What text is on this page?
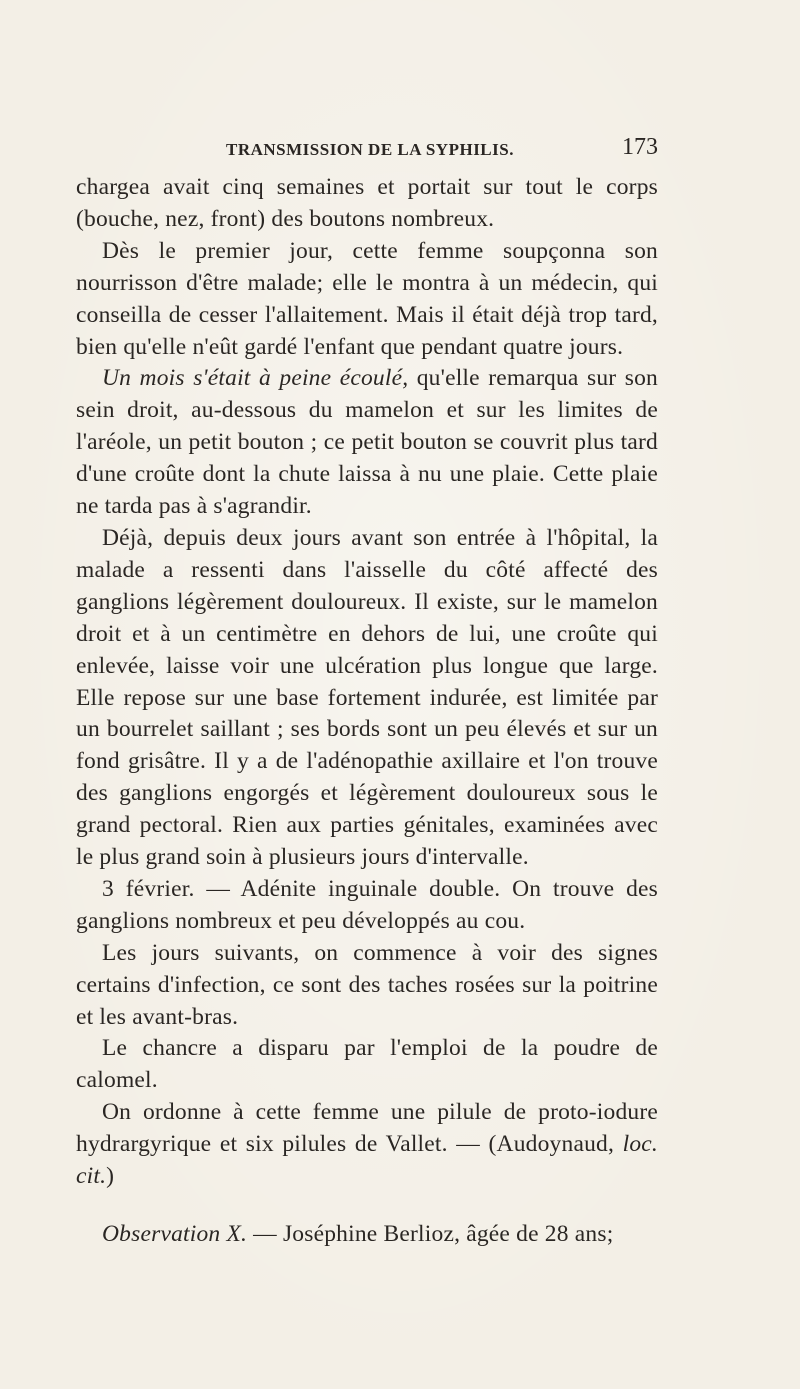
TRANSMISSION DE LA SYPHILIS.	173

chargea avait cinq semaines et portait sur tout le corps (bouche, nez, front) des boutons nombreux.

Dès le premier jour, cette femme soupçonna son nourrisson d'être malade; elle le montra à un médecin, qui conseilla de cesser l'allaitement. Mais il était déjà trop tard, bien qu'elle n'eût gardé l'enfant que pendant quatre jours.

Un mois s'était à peine écoulé, qu'elle remarqua sur son sein droit, au-dessous du mamelon et sur les limites de l'aréole, un petit bouton ; ce petit bouton se couvrit plus tard d'une croûte dont la chute laissa à nu une plaie. Cette plaie ne tarda pas à s'agrandir.

Déjà, depuis deux jours avant son entrée à l'hôpital, la malade a ressenti dans l'aisselle du côté affecté des ganglions légèrement douloureux. Il existe, sur le mamelon droit et à un centimètre en dehors de lui, une croûte qui enlevée, laisse voir une ulcération plus longue que large. Elle repose sur une base fortement indurée, est limitée par un bourrelet saillant ; ses bords sont un peu élevés et sur un fond grisâtre. Il y a de l'adénopathie axillaire et l'on trouve des ganglions engorgés et légèrement douloureux sous le grand pectoral. Rien aux parties génitales, examinées avec le plus grand soin à plusieurs jours d'intervalle.

3 février. — Adénite inguinale double. On trouve des ganglions nombreux et peu développés au cou.

Les jours suivants, on commence à voir des signes certains d'infection, ce sont des taches rosées sur la poitrine et les avant-bras.

Le chancre a disparu par l'emploi de la poudre de calomel.

On ordonne à cette femme une pilule de proto-iodure hydrargyrique et six pilules de Vallet. — (Audoynaud, loc. cit.)

Observation X. — Joséphine Berlioz, âgée de 28 ans;
